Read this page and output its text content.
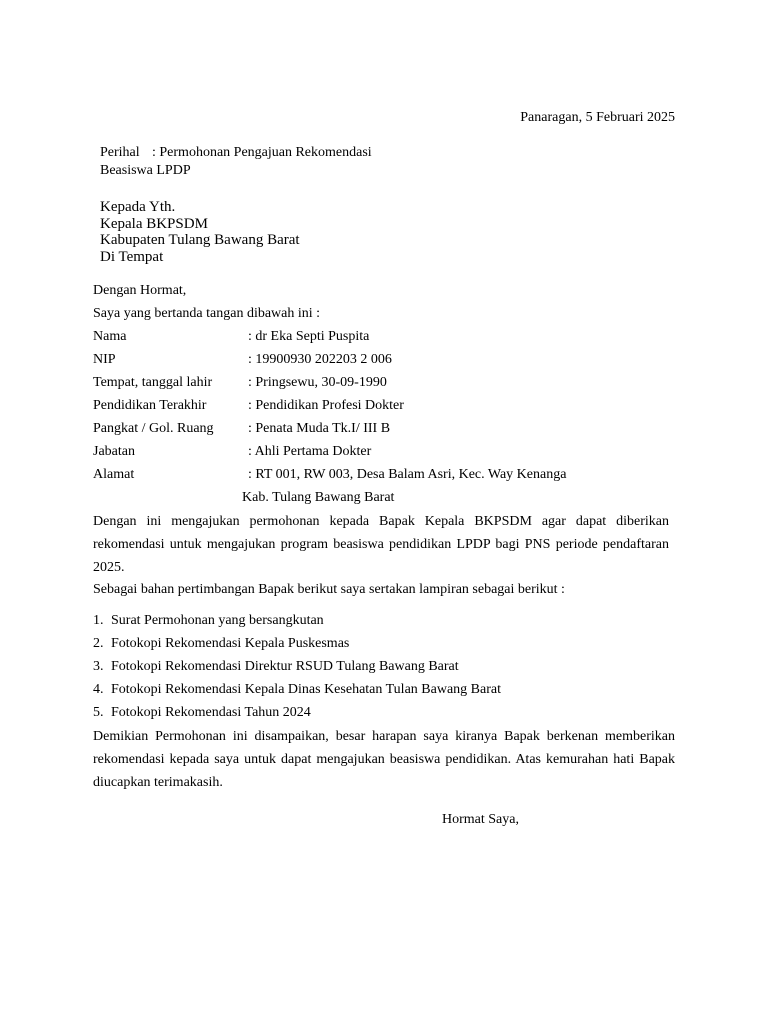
Panaragan, 5 Februari 2025
Perihal : Permohonan Pengajuan Rekomendasi
Beasiswa LPDP
Kepada Yth.
Kepala BKPSDM
Kabupaten Tulang Bawang Barat
Di Tempat
Dengan Hormat,
Saya yang bertanda tangan dibawah ini :
Nama	: dr Eka Septi Puspita
NIP	: 19900930 202203 2 006
Tempat, tanggal lahir	: Pringsewu, 30-09-1990
Pendidikan Terakhir	: Pendidikan Profesi Dokter
Pangkat / Gol. Ruang : Penata Muda Tk.I/ III B
Jabatan	: Ahli Pertama Dokter
Alamat	: RT 001, RW 003, Desa Balam Asri, Kec. Way Kenanga
Kab. Tulang Bawang Barat
Dengan ini mengajukan permohonan kepada Bapak Kepala BKPSDM agar dapat diberikan rekomendasi untuk mengajukan program beasiswa pendidikan LPDP bagi PNS periode pendaftaran 2025.
Sebagai bahan pertimbangan Bapak berikut saya sertakan lampiran sebagai berikut :
1. Surat Permohonan yang bersangkutan
2. Fotokopi Rekomendasi Kepala Puskesmas
3. Fotokopi Rekomendasi Direktur RSUD Tulang Bawang Barat
4. Fotokopi Rekomendasi Kepala Dinas Kesehatan Tulan Bawang Barat
5. Fotokopi Rekomendasi Tahun 2024
Demikian Permohonan ini disampaikan, besar harapan saya kiranya Bapak berkenan memberikan rekomendasi kepada saya untuk dapat mengajukan beasiswa pendidikan. Atas kemurahan hati Bapak diucapkan terimakasih.
Hormat Saya,
